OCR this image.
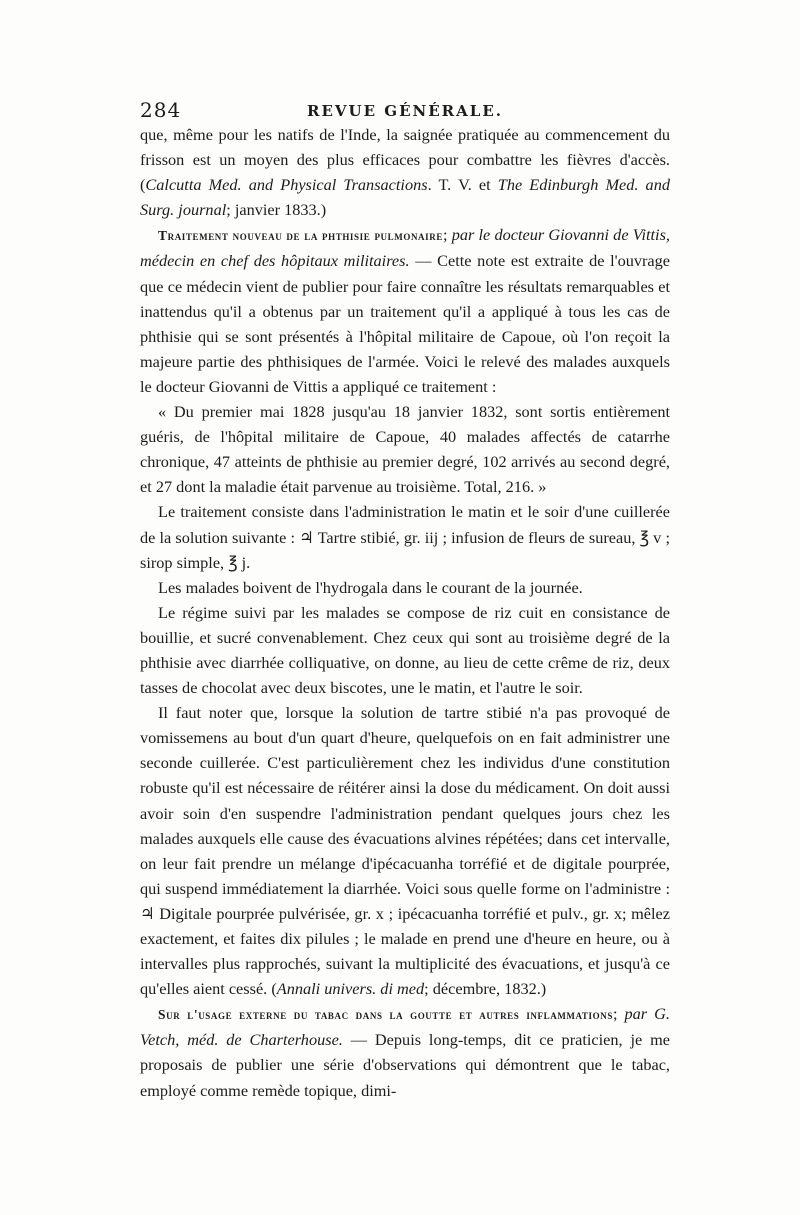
284	REVUE GÉNÉRALE.

que, même pour les natifs de l'Inde, la saignée pratiquée au commencement du frisson est un moyen des plus efficaces pour combattre les fièvres d'accès. (Calcutta Med. and Physical Transactions. T. V. et The Edinburgh Med. and Surg. journal; janvier 1833.)

Traitement nouveau de la phthisie pulmonaire; par le docteur Giovanni de Vittis, médecin en chef des hôpitaux militaires. — Cette note est extraite de l'ouvrage que ce médecin vient de publier pour faire connaître les résultats remarquables et inattendus qu'il a obtenus par un traitement qu'il a appliqué à tous les cas de phthisie qui se sont présentés à l'hôpital militaire de Capoue, où l'on reçoit la majeure partie des phthisiques de l'armée. Voici le relevé des malades auxquels le docteur Giovanni de Vittis a appliqué ce traitement :

« Du premier mai 1828 jusqu'au 18 janvier 1832, sont sortis entièrement guéris, de l'hôpital militaire de Capoue, 40 malades affectés de catarrhe chronique, 47 atteints de phthisie au premier degré, 102 arrivés au second degré, et 27 dont la maladie était parvenue au troisième. Total, 216. »

Le traitement consiste dans l'administration le matin et le soir d'une cuillerée de la solution suivante : ♃ Tartre stibié, gr. iij ; infusion de fleurs de sureau, ℥ v ; sirop simple, ℥ j.

Les malades boivent de l'hydrogala dans le courant de la journée.

Le régime suivi par les malades se compose de riz cuit en consistance de bouillie, et sucré convenablement. Chez ceux qui sont au troisième degré de la phthisie avec diarrhée colliquative, on donne, au lieu de cette crême de riz, deux tasses de chocolat avec deux biscotes, une le matin, et l'autre le soir.

Il faut noter que, lorsque la solution de tartre stibié n'a pas provoqué de vomissemens au bout d'un quart d'heure, quelquefois on en fait administrer une seconde cuillerée. C'est particulièrement chez les individus d'une constitution robuste qu'il est nécessaire de réitérer ainsi la dose du médicament. On doit aussi avoir soin d'en suspendre l'administration pendant quelques jours chez les malades auxquels elle cause des évacuations alvines répétées; dans cet intervalle, on leur fait prendre un mélange d'ipécacuanha torréfié et de digitale pourprée, qui suspend immédiatement la diarrhée. Voici sous quelle forme on l'administre : ♃ Digitale pourprée pulvérisée, gr. x ; ipécacuanha torréfié et pulv., gr. x; mêlez exactement, et faites dix pilules ; le malade en prend une d'heure en heure, ou à intervalles plus rapprochés, suivant la multiplicité des évacuations, et jusqu'à ce qu'elles aient cessé. (Annali univers. di med; décembre, 1832.)

Sur l'usage externe du tabac dans la goutte et autres inflammations; par G. Vetch, méd. de Charterhouse. — Depuis long-temps, dit ce praticien, je me proposais de publier une série d'observations qui démontrent que le tabac, employé comme remède topique, dimi-
